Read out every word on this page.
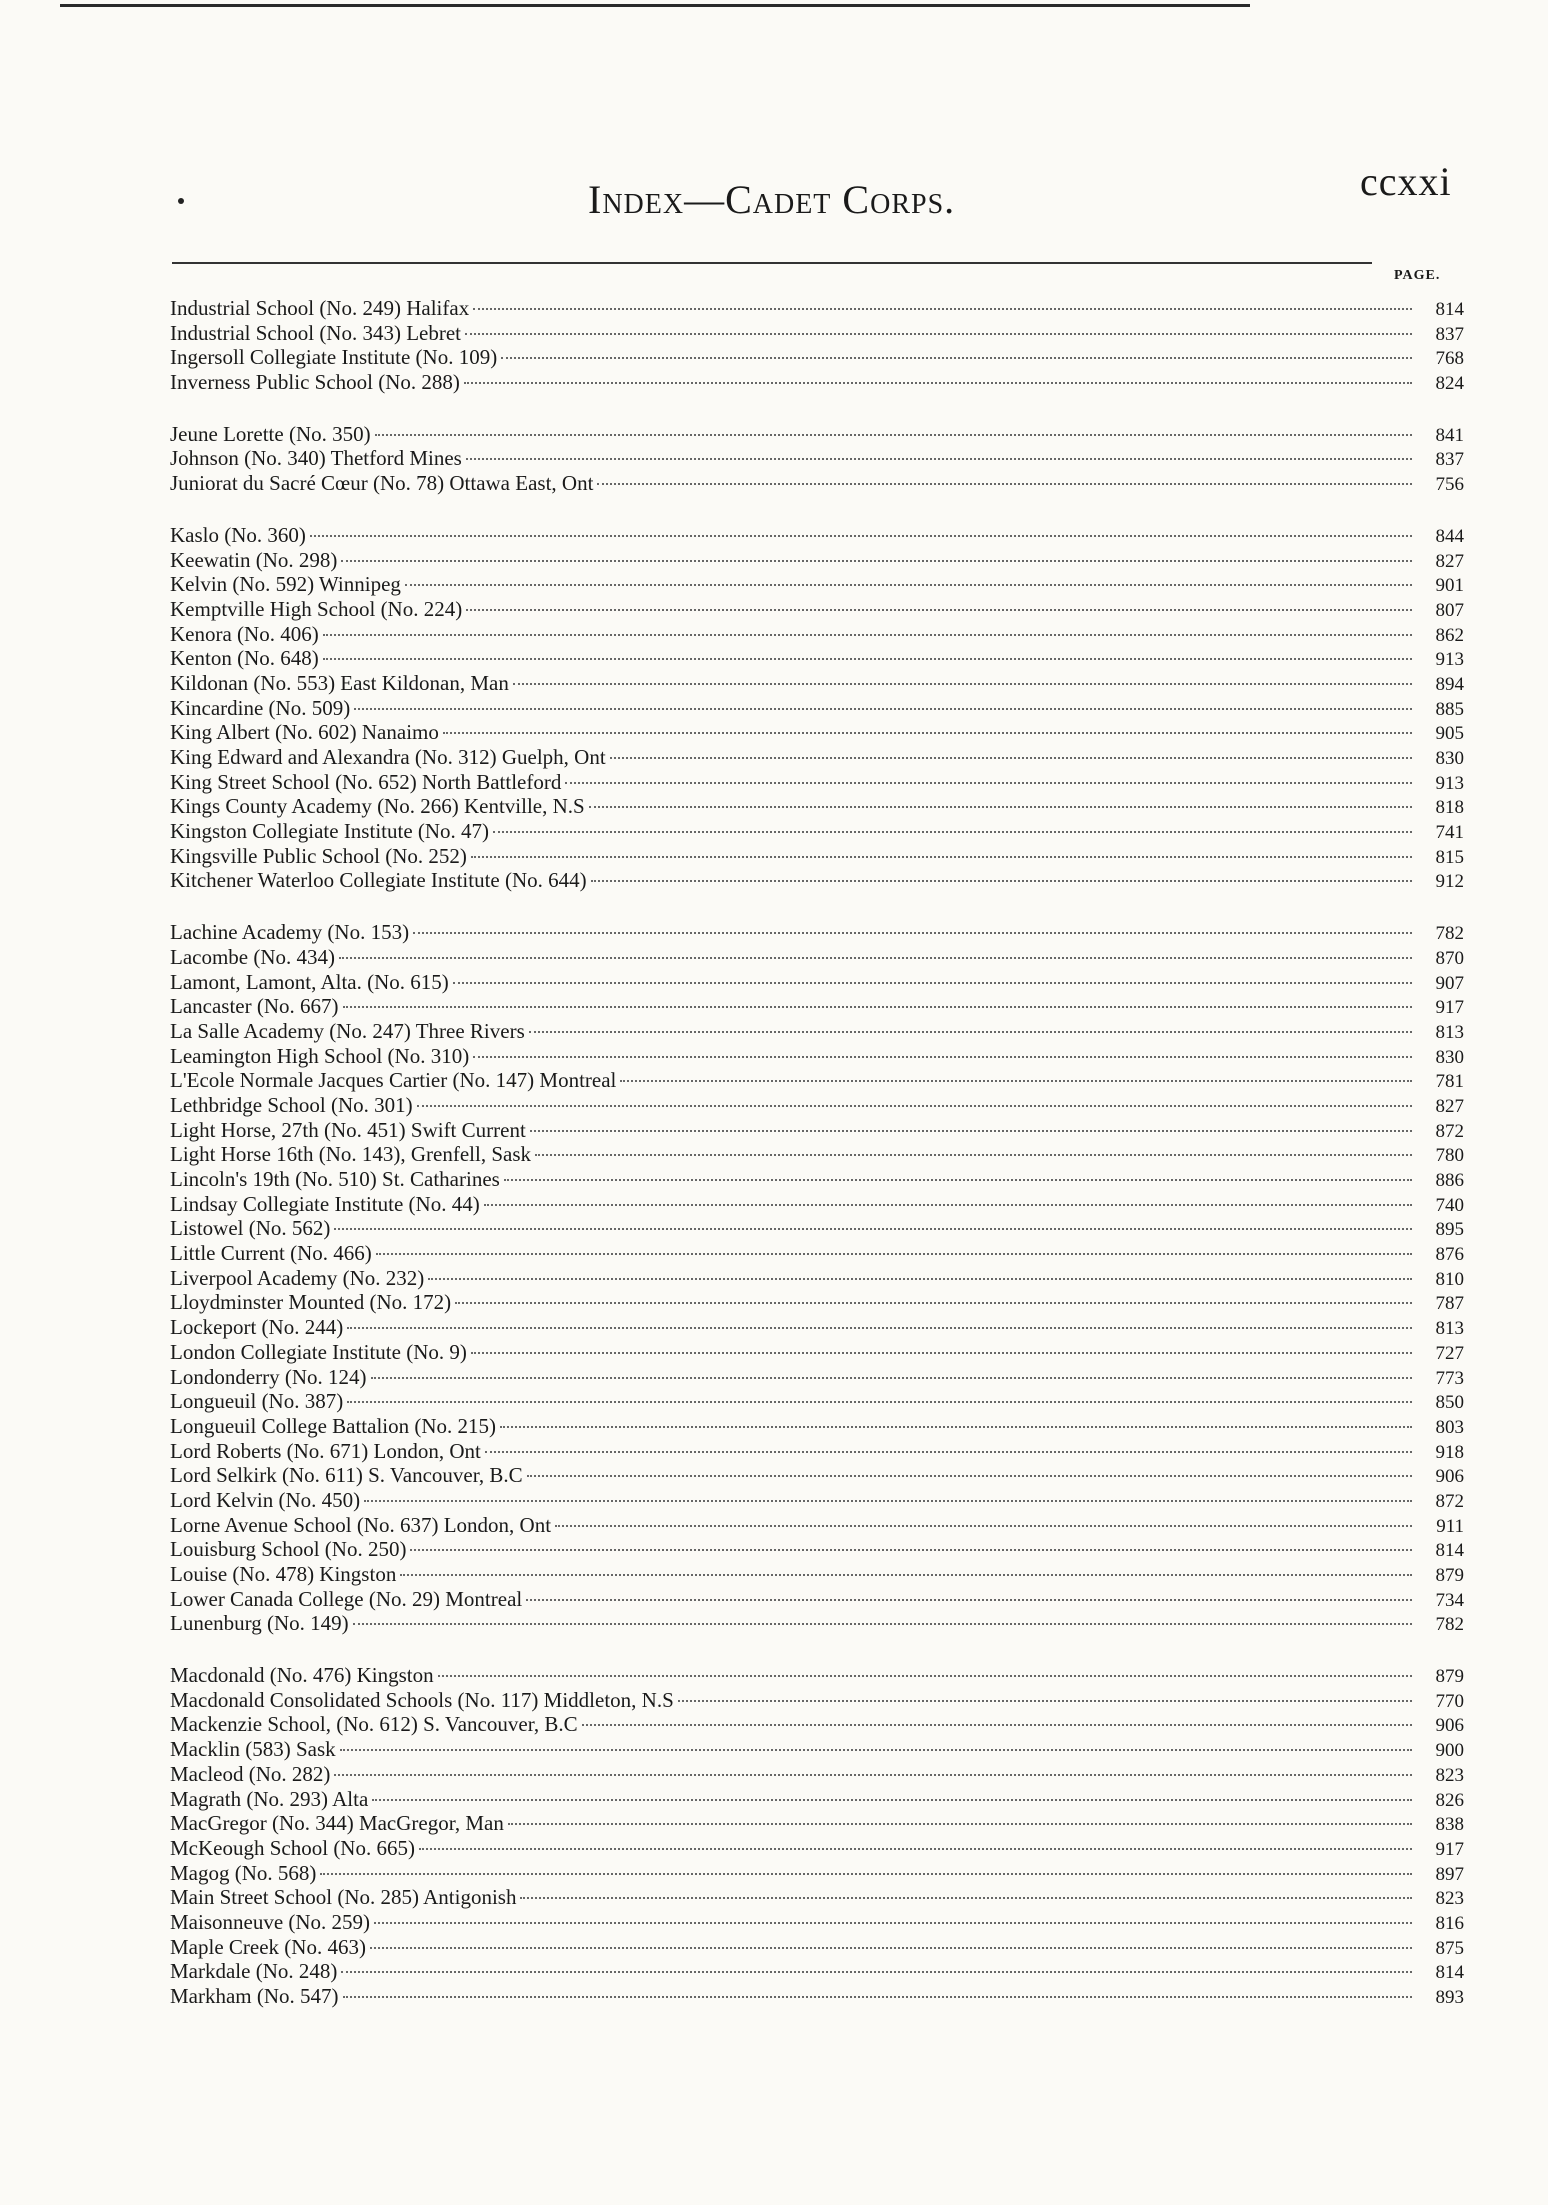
Index—Cadet Corps.	ccxxi
PAGE.
Industrial School (No. 249) Halifax	814
Industrial School (No. 343) Lebret	837
Ingersoll Collegiate Institute (No. 109)	768
Inverness Public School (No. 288)	824
Jeune Lorette (No. 350)	841
Johnson (No. 340) Thetford Mines	837
Juniorat du Sacré Cœur (No. 78) Ottawa East, Ont	756
Kaslo (No. 360)	844
Keewatin (No. 298)	827
Kelvin (No. 592) Winnipeg	901
Kemptville High School (No. 224)	807
Kenora (No. 406)	862
Kenton (No. 648)	913
Kildonan (No. 553) East Kildonan, Man	894
Kincardine (No. 509)	885
King Albert (No. 602) Nanaimo	905
King Edward and Alexandra (No. 312) Guelph, Ont	830
King Street School (No. 652) North Battleford	913
Kings County Academy (No. 266) Kentville, N.S	818
Kingston Collegiate Institute (No. 47)	741
Kingsville Public School (No. 252)	815
Kitchener Waterloo Collegiate Institute (No. 644)	912
Lachine Academy (No. 153)	782
Lacombe (No. 434)	870
Lamont, Lamont, Alta. (No. 615)	907
Lancaster (No. 667)	917
La Salle Academy (No. 247) Three Rivers	813
Leamington High School (No. 310)	830
L'Ecole Normale Jacques Cartier (No. 147) Montreal	781
Lethbridge School (No. 301)	827
Light Horse, 27th (No. 451) Swift Current	872
Light Horse 16th (No. 143), Grenfell, Sask	780
Lincoln's 19th (No. 510) St. Catharines	886
Lindsay Collegiate Institute (No. 44)	740
Listowel (No. 562)	895
Little Current (No. 466)	876
Liverpool Academy (No. 232)	810
Lloydminster Mounted (No. 172)	787
Lockeport (No. 244)	813
London Collegiate Institute (No. 9)	727
Londonderry (No. 124)	773
Longueuil (No. 387)	850
Longueuil College Battalion (No. 215)	803
Lord Roberts (No. 671) London, Ont	918
Lord Selkirk (No. 611) S. Vancouver, B.C	906
Lord Kelvin (No. 450)	872
Lorne Avenue School (No. 637) London, Ont	911
Louisburg School (No. 250)	814
Louise (No. 478) Kingston	879
Lower Canada College (No. 29) Montreal	734
Lunenburg (No. 149)	782
Macdonald (No. 476) Kingston	879
Macdonald Consolidated Schools (No. 117) Middleton, N.S	770
Mackenzie School, (No. 612) S. Vancouver, B.C	906
Macklin (583) Sask	900
Macleod (No. 282)	823
Magrath (No. 293) Alta	826
MacGregor (No. 344) MacGregor, Man	838
McKeough School (No. 665)	917
Magog (No. 568)	897
Main Street School (No. 285) Antigonish	823
Maisonneuve (No. 259)	816
Maple Creek (No. 463)	875
Markdale (No. 248)	814
Markham (No. 547)	893
